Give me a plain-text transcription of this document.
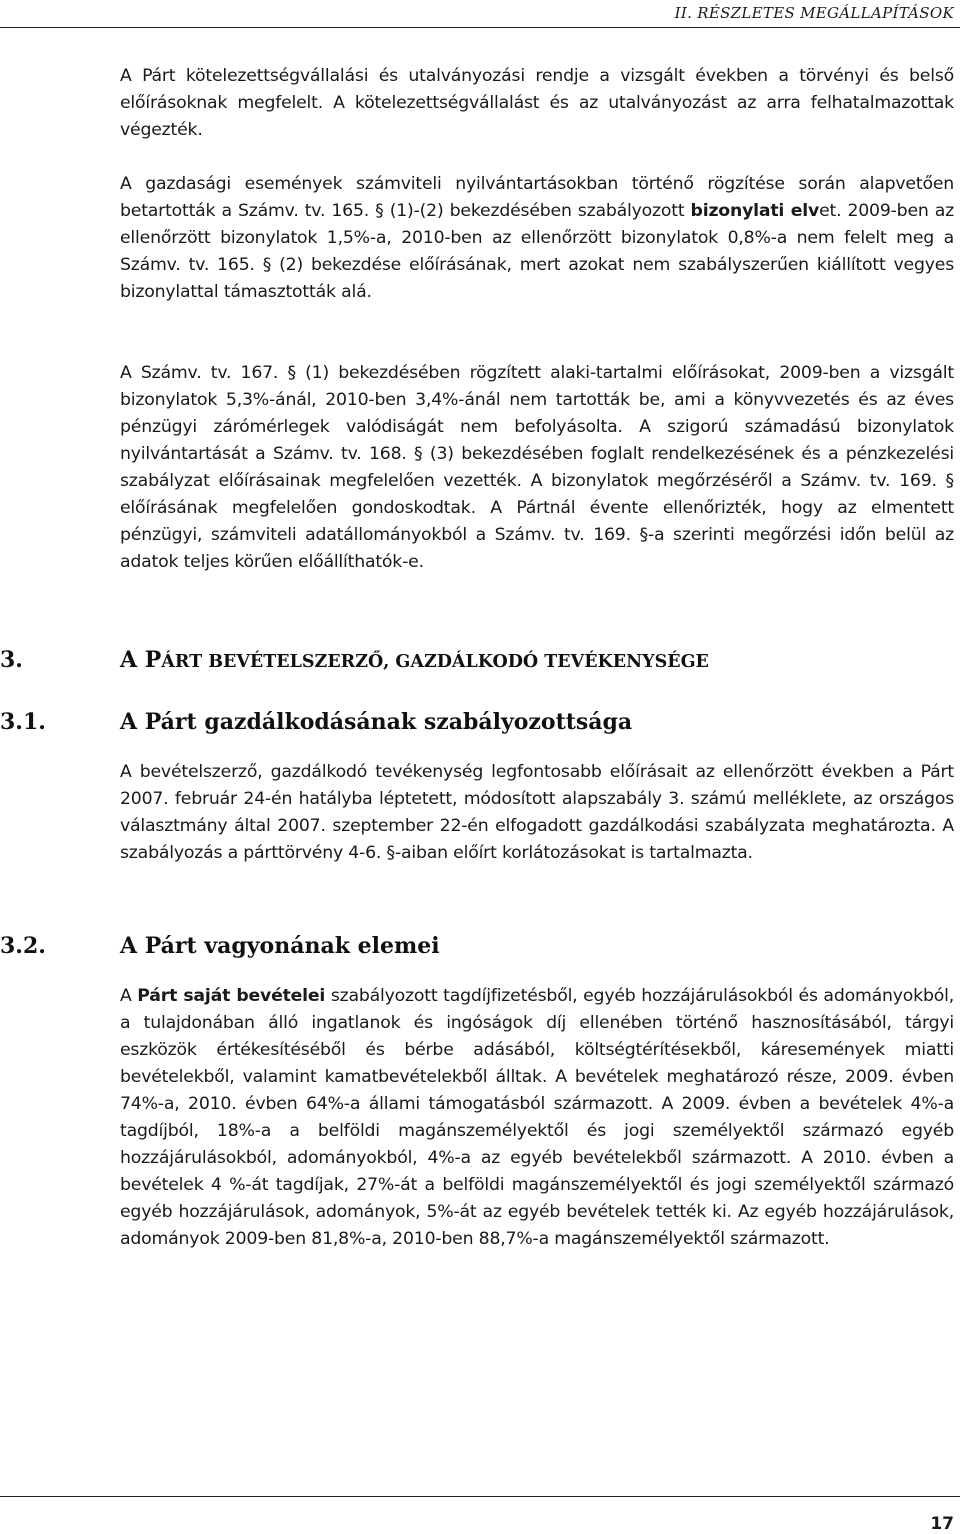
II. RÉSZLETES MEGÁLLAPÍTÁSOK

A Párt kötelezettségvállalási és utalványozási rendje a vizsgált években a törvényi és belső előírásoknak megfelelt. A kötelezettségvállalást és az utalványozást az arra felhatalmazottak végezték.

A gazdasági események számviteli nyilvántartásokban történő rögzítése során alapvetően betartották a Számv. tv. 165. § (1)-(2) bekezdésében szabályozott bizonylati elvet. 2009-ben az ellenőrzött bizonylatok 1,5%-a, 2010-ben az ellenőrzött bizonylatok 0,8%-a nem felelt meg a Számv. tv. 165. § (2) bekezdése előírásának, mert azokat nem szabályszerűen kiállított vegyes bizonylattal támasztották alá.

A Számv. tv. 167. § (1) bekezdésében rögzített alaki-tartalmi előírásokat, 2009-ben a vizsgált bizonylatok 5,3%-ánál, 2010-ben 3,4%-ánál nem tartották be, ami a könyvvezetés és az éves pénzügyi zárómérlegek valódiságát nem befolyásolta. A szigorú számadású bizonylatok nyilvántartását a Számv. tv. 168. § (3) bekezdésében foglalt rendelkezésének és a pénzkezelési szabályzat előírásainak megfelelően vezették. A bizonylatok megőrzéséről a Számv. tv. 169. § előírásának megfelelően gondoskodtak. A Pártnál évente ellenőrizték, hogy az elmentett pénzügyi, számviteli adatállományokból a Számv. tv. 169. §-a szerinti megőrzési időn belül az adatok teljes körűen előállíthatók-e.

3.	A PÁRT BEVÉTELSZERZŐ, GAZDÁLKODÓ TEVÉKENYSÉGE
3.1.	A Párt gazdálkodásának szabályozottsága

A bevételszerző, gazdálkodó tevékenység legfontosabb előírásait az ellenőrzött években a Párt 2007. február 24-én hatályba léptetett, módosított alapszabály 3. számú melléklete, az országos választmány által 2007. szeptember 22-én elfogadott gazdálkodási szabályzata meghatározta. A szabályozás a párttörvény 4-6. §-aiban előírt korlátozásokat is tartalmazta.

3.2.	A Párt vagyonának elemei

A Párt saját bevételei szabályozott tagdíjfizetésből, egyéb hozzájárulásokból és adományokból, a tulajdonában álló ingatlanok és ingóságok díj ellenében történő hasznosításából, tárgyi eszközök értékesítéséből és bérbe adásából, költségtérítésekből, káresemények miatti bevételekből, valamint kamatbevételekből álltak. A bevételek meghatározó része, 2009. évben 74%-a, 2010. évben 64%-a állami támogatásból származott. A 2009. évben a bevételek 4%-a tagdíjból, 18%-a a belföldi magánszemélyektől és jogi személyektől származó egyéb hozzájárulásokból, adományokból, 4%-a az egyéb bevételekből származott. A 2010. évben a bevételek 4 %-át tagdíjak, 27%-át a belföldi magánszemélyektől és jogi személyektől származó egyéb hozzájárulások, adományok, 5%-át az egyéb bevételek tették ki. Az egyéb hozzájárulások, adományok 2009-ben 81,8%-a, 2010-ben 88,7%-a magánszemélyektől származott.

17
